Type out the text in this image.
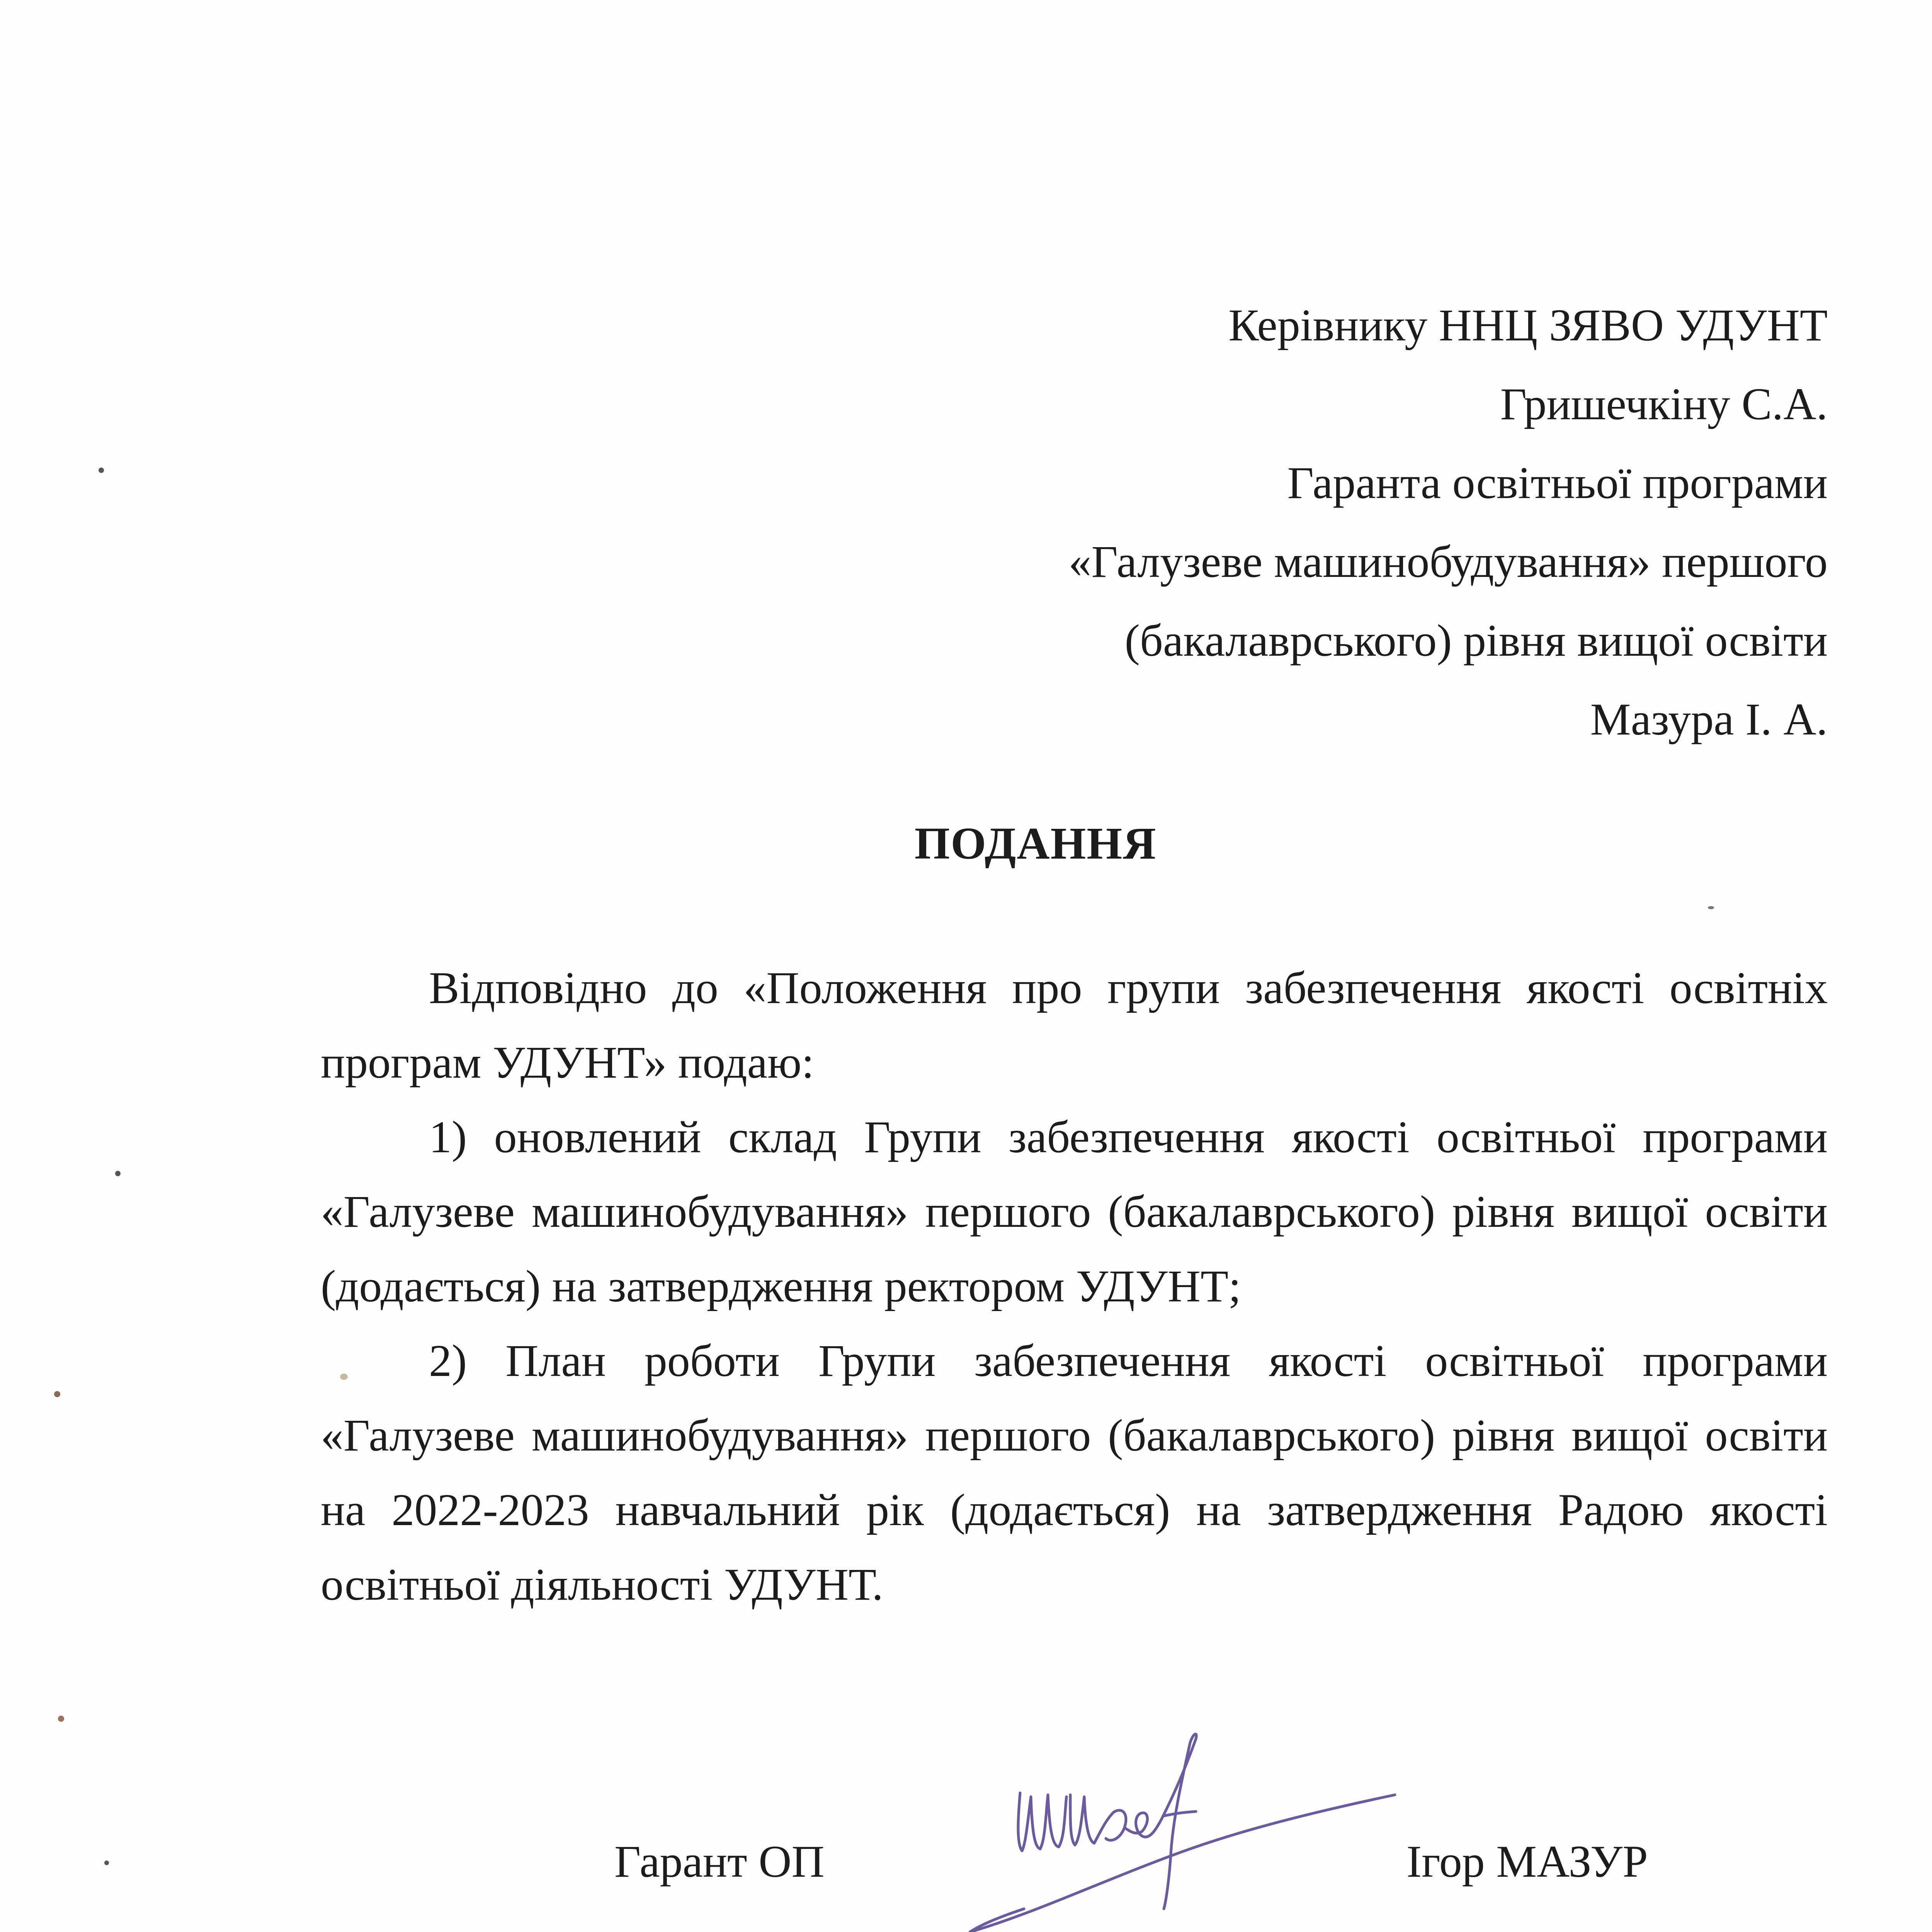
Керівнику ННЦ ЗЯВО УДУНТ
Гришечкіну С.А.
Гаранта освітньої програми
«Галузеве машинобудування» першого
(бакалаврського) рівня вищої освіти
Мазура І. А.
ПОДАННЯ

Відповідно до «Положення про групи забезпечення якості освітніх програм УДУНТ» подаю:

1) оновлений склад Групи забезпечення якості освітньої програми «Галузеве машинобудування» першого (бакалаврського) рівня вищої освіти (додається) на затвердження ректором УДУНТ;

2) План роботи Групи забезпечення якості освітньої програми «Галузеве машинобудування» першого (бакалаврського) рівня вищої освіти на 2022-2023 навчальний рік (додається) на затвердження Радою якості освітньої діяльності УДУНТ.

Гарант ОП	Ігор МАЗУР
